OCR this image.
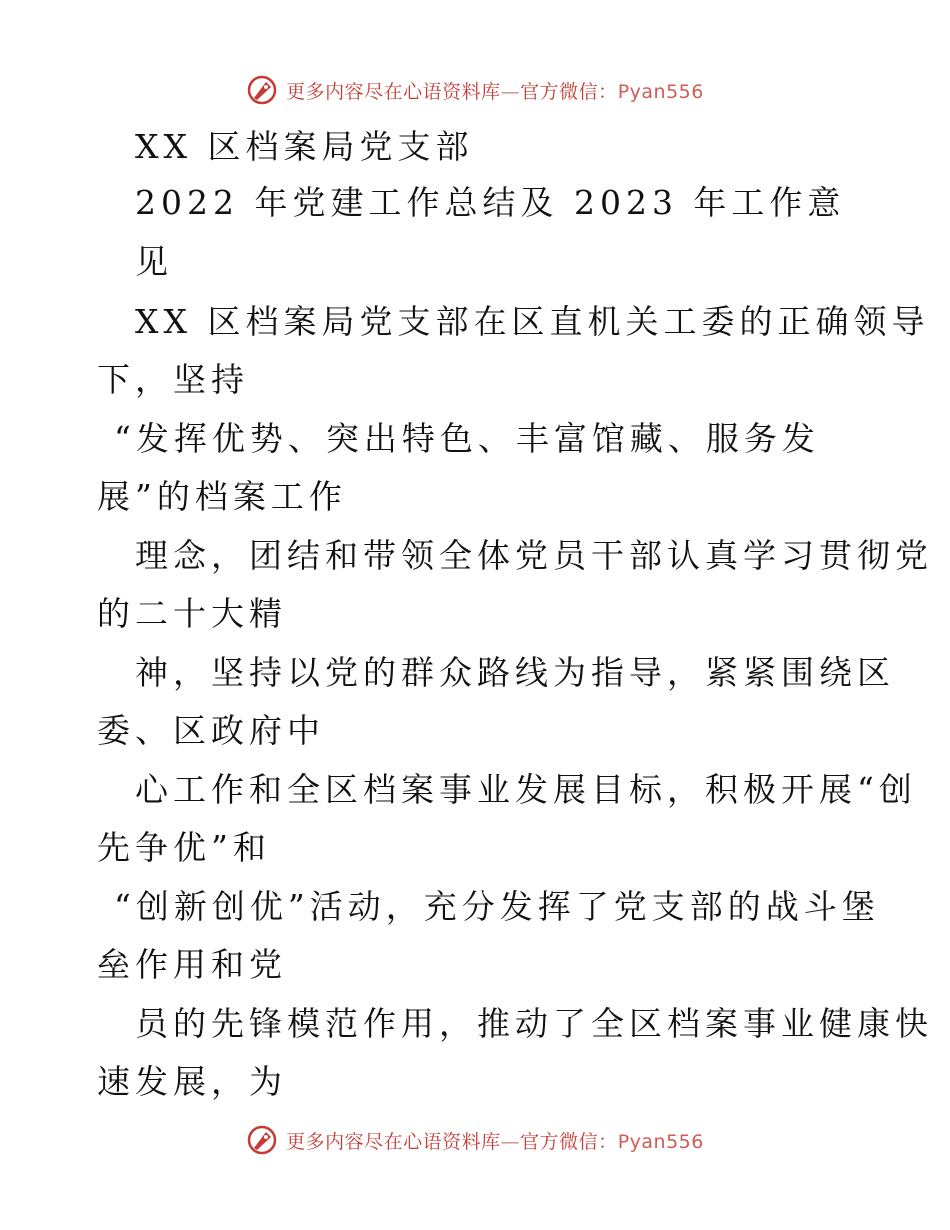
更多内容尽在心语资料库—官方微信：Pyan556
XX 区档案局党支部
2022 年党建工作总结及 2023 年工作意
见
XX 区档案局党支部在区直机关工委的正确领导
下，坚持
“发挥优势、突出特色、丰富馆藏、服务发
展”的档案工作
理念，团结和带领全体党员干部认真学习贯彻党
的二十大精
神，坚持以党的群众路线为指导，紧紧围绕区
委、区政府中
心工作和全区档案事业发展目标，积极开展“创
先争优”和
“创新创优”活动，充分发挥了党支部的战斗堡
垒作用和党
员的先锋模范作用，推动了全区档案事业健康快
速发展，为
更多内容尽在心语资料库—官方微信：Pyan556
